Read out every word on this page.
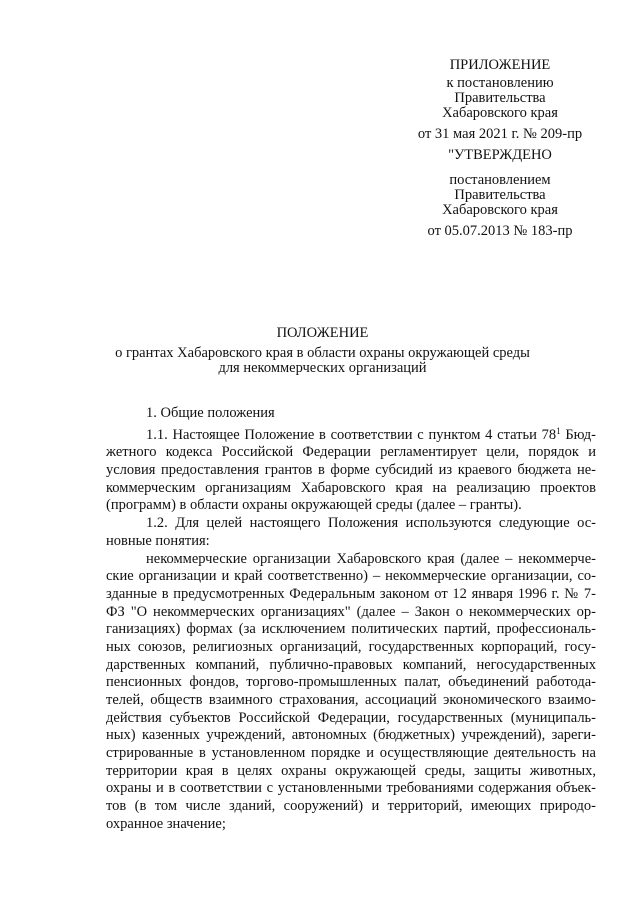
ПРИЛОЖЕНИЕ
к постановлению
Правительства
Хабаровского края
от 31 мая 2021 г. № 209-пр
"УТВЕРЖДЕНО
постановлением
Правительства
Хабаровского края
от 05.07.2013 № 183-пр
ПОЛОЖЕНИЕ
о грантах Хабаровского края в области охраны окружающей среды
для некоммерческих организаций
1. Общие положения
1.1. Настоящее Положение в соответствии с пунктом 4 статьи $78^1$ Бюд-
жетного кодекса Российской Федерации регламентирует цели, порядок и
условия предоставления грантов в форме субсидий из краевого бюджета не-
коммерческим организациям Хабаровского края на реализацию проектов
(программ) в области охраны окружающей среды (далее – гранты).
1.2. Для целей настоящего Положения используются следующие ос-
новные понятия:
некоммерческие организации Хабаровского края (далее – некоммерче-
ские организации и край соответственно) – некоммерческие организации, со-
зданные в предусмотренных Федеральным законом от 12 января 1996 г. № 7-
ФЗ "О некоммерческих организациях" (далее – Закон о некоммерческих ор-
ганизациях) формах (за исключением политических партий, профессиональ-
ных союзов, религиозных организаций, государственных корпораций, госу-
дарственных компаний, публично-правовых компаний, негосударственных
пенсионных фондов, торгово-промышленных палат, объединений работода-
телей, обществ взаимного страхования, ассоциаций экономического взаимо-
действия субъектов Российской Федерации, государственных (муниципаль-
ных) казенных учреждений, автономных (бюджетных) учреждений), зареги-
стрированные в установленном порядке и осуществляющие деятельность на
территории края в целях охраны окружающей среды, защиты животных,
охраны и в соответствии с установленными требованиями содержания объек-
тов (в том числе зданий, сооружений) и территорий, имеющих природо-
охранное значение;
